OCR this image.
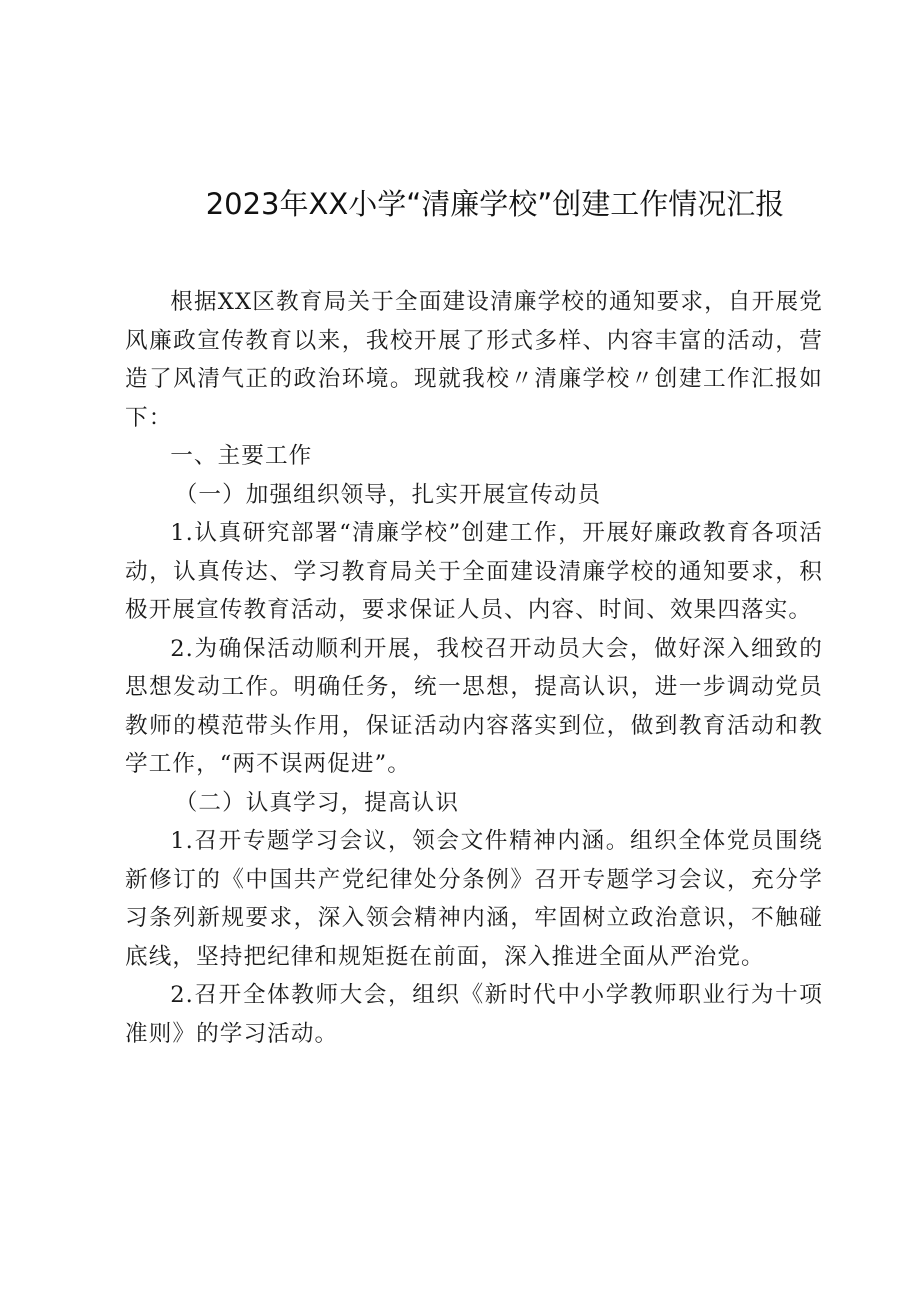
2023年XX小学“清廉学校”创建工作情况汇报

根据XX区教育局关于全面建设清廉学校的通知要求，自开展党风廉政宣传教育以来，我校开展了形式多样、内容丰富的活动，营造了风清气正的政治环境。现就我校〃清廉学校〃创建工作汇报如下：

一、主要工作

（一）加强组织领导，扎实开展宣传动员

1.认真研究部署“清廉学校”创建工作，开展好廉政教育各项活动，认真传达、学习教育局关于全面建设清廉学校的通知要求，积极开展宣传教育活动，要求保证人员、内容、时间、效果四落实。

2.为确保活动顺利开展，我校召开动员大会，做好深入细致的思想发动工作。明确任务，统一思想，提高认识，进一步调动党员教师的模范带头作用，保证活动内容落实到位，做到教育活动和教学工作，“两不误两促进”。

（二）认真学习，提高认识

1.召开专题学习会议，领会文件精神内涵。组织全体党员围绕新修订的《中国共产党纪律处分条例》召开专题学习会议，充分学习条列新规要求，深入领会精神内涵，牢固树立政治意识，不触碰底线，坚持把纪律和规矩挺在前面，深入推进全面从严治党。

2.召开全体教师大会，组织《新时代中小学教师职业行为十项准则》的学习活动。
